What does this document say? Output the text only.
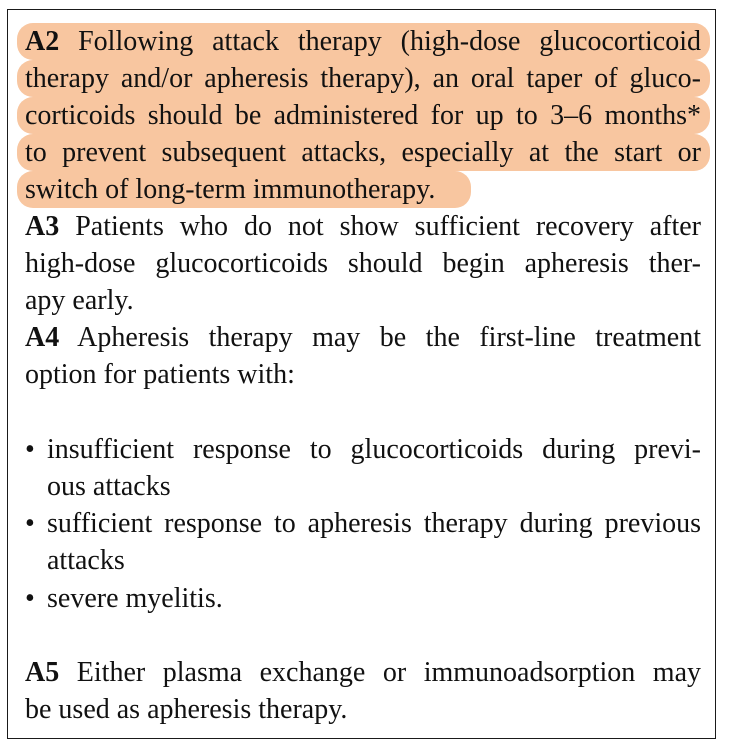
A2 Following attack therapy (high-dose glucocorticoid
therapy and/or apheresis therapy), an oral taper of gluco-
corticoids should be administered for up to 3–6 months*
to prevent subsequent attacks, especially at the start or
switch of long-term immunotherapy.
A3 Patients who do not show sufficient recovery after
high-dose glucocorticoids should begin apheresis ther-
apy early.
A4 Apheresis therapy may be the first-line treatment
option for patients with:
• insufficient response to glucocorticoids during previ-
ous attacks
• sufficient response to apheresis therapy during previous
attacks
• severe myelitis.
A5 Either plasma exchange or immunoadsorption may
be used as apheresis therapy.
